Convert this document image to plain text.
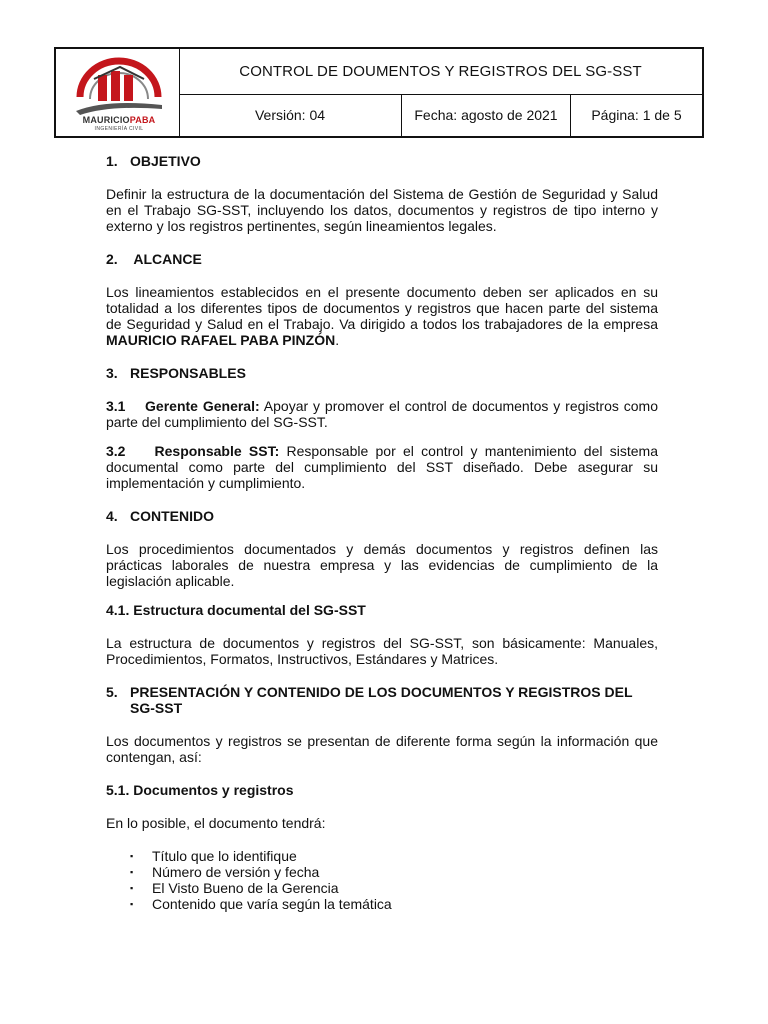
MAURICIOPABA
INGENIERÍA CIVIL
CONTROL DE DOUMENTOS Y REGISTROS DEL SG-SST
Versión: 04	Fecha: agosto de 2021	Página: 1 de 5

1. OBJETIVO

Definir la estructura de la documentación del Sistema de Gestión de Seguridad y Salud en el Trabajo SG-SST, incluyendo los datos, documentos y registros de tipo interno y externo y los registros pertinentes, según lineamientos legales.

2. ALCANCE

Los lineamientos establecidos en el presente documento deben ser aplicados en su totalidad a los diferentes tipos de documentos y registros que hacen parte del sistema de Seguridad y Salud en el Trabajo. Va dirigido a todos los trabajadores de la empresa MAURICIO RAFAEL PABA PINZÓN.

3. RESPONSABLES

3.1    Gerente General: Apoyar y promover el control de documentos y registros como parte del cumplimiento del SG-SST.

3.2    Responsable SST: Responsable por el control y mantenimiento del sistema documental como parte del cumplimiento del SST diseñado. Debe asegurar su implementación y cumplimiento.

4. CONTENIDO

Los procedimientos documentados y demás documentos y registros definen las prácticas laborales de nuestra empresa y las evidencias de cumplimiento de la legislación aplicable.

4.1. Estructura documental del SG-SST

La estructura de documentos y registros del SG-SST, son básicamente: Manuales, Procedimientos, Formatos, Instructivos, Estándares y Matrices.

5. PRESENTACIÓN Y CONTENIDO DE LOS DOCUMENTOS Y REGISTROS DEL SG-SST

Los documentos y registros se presentan de diferente forma según la información que contengan, así:

5.1. Documentos y registros

En lo posible, el documento tendrá:

▪ Título que lo identifique
▪ Número de versión y fecha
▪ El Visto Bueno de la Gerencia
▪ Contenido que varía según la temática
